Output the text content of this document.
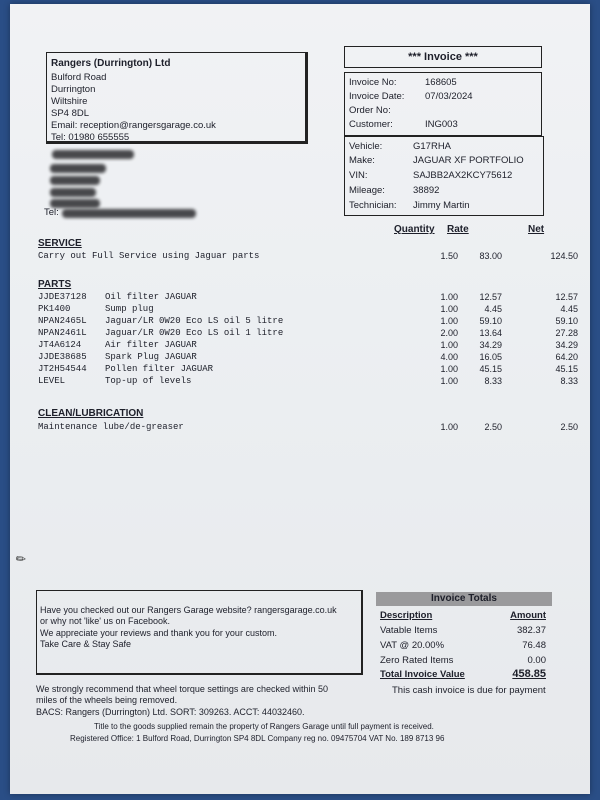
Rangers (Durrington) Ltd
Bulford Road
Durrington
Wiltshire
SP4 8DL
Email: reception@rangersgarage.co.uk
Tel: 01980 655555
*** Invoice ***
Invoice No:	168605
Invoice Date: 07/03/2024
Order No:
Customer:	ING003
Vehicle:	G17RHA
Make:	JAGUAR XF PORTFOLIO
VIN:	SAJBB2AX2KCY75612
Mileage:	38892
Technician: Jimmy Martin
Tel:
Quantity Rate	Net
SERVICE
Carry out Full Service using Jaguar parts	1.50	83.00	124.50
PARTS
JJDE37128 Oil filter JAGUAR	1.00	12.57	12.57
PK1400	Sump plug	1.00	4.45	4.45
NPAN2465L Jaguar/LR 0W20 Eco LS oil 5 litre	1.00	59.10	59.10
NPAN2461L Jaguar/LR 0W20 Eco LS oil 1 litre	2.00	13.64	27.28
JT4A6124	Air filter JAGUAR	1.00	34.29	34.29
JJDE38685 Spark Plug JAGUAR	4.00	16.05	64.20
JT2H54544 Pollen filter JAGUAR	1.00	45.15	45.15
LEVEL	Top-up of levels	1.00	8.33	8.33
CLEAN/LUBRICATION
Maintenance lube/de-greaser	1.00	2.50	2.50
✎
Have you checked out our Rangers Garage website? rangersgarage.co.uk
or why not 'like' us on Facebook.
We appreciate your reviews and thank you for your custom.
Take Care & Stay Safe
Invoice Totals
Description	Amount
Vatable Items	382.37
VAT @ 20.00%	76.48
Zero Rated Items	0.00
Total Invoice Value	458.85
This cash invoice is due for payment
We strongly recommend that wheel torque settings are checked within 50
miles of the wheels being removed.
BACS: Rangers (Durrington) Ltd. SORT: 309263. ACCT: 44032460.
Title to the goods supplied remain the property of Rangers Garage until full payment is received.
Registered Office: 1 Bulford Road, Durrington SP4 8DL Company reg no. 09475704 VAT No. 189 8713 96
